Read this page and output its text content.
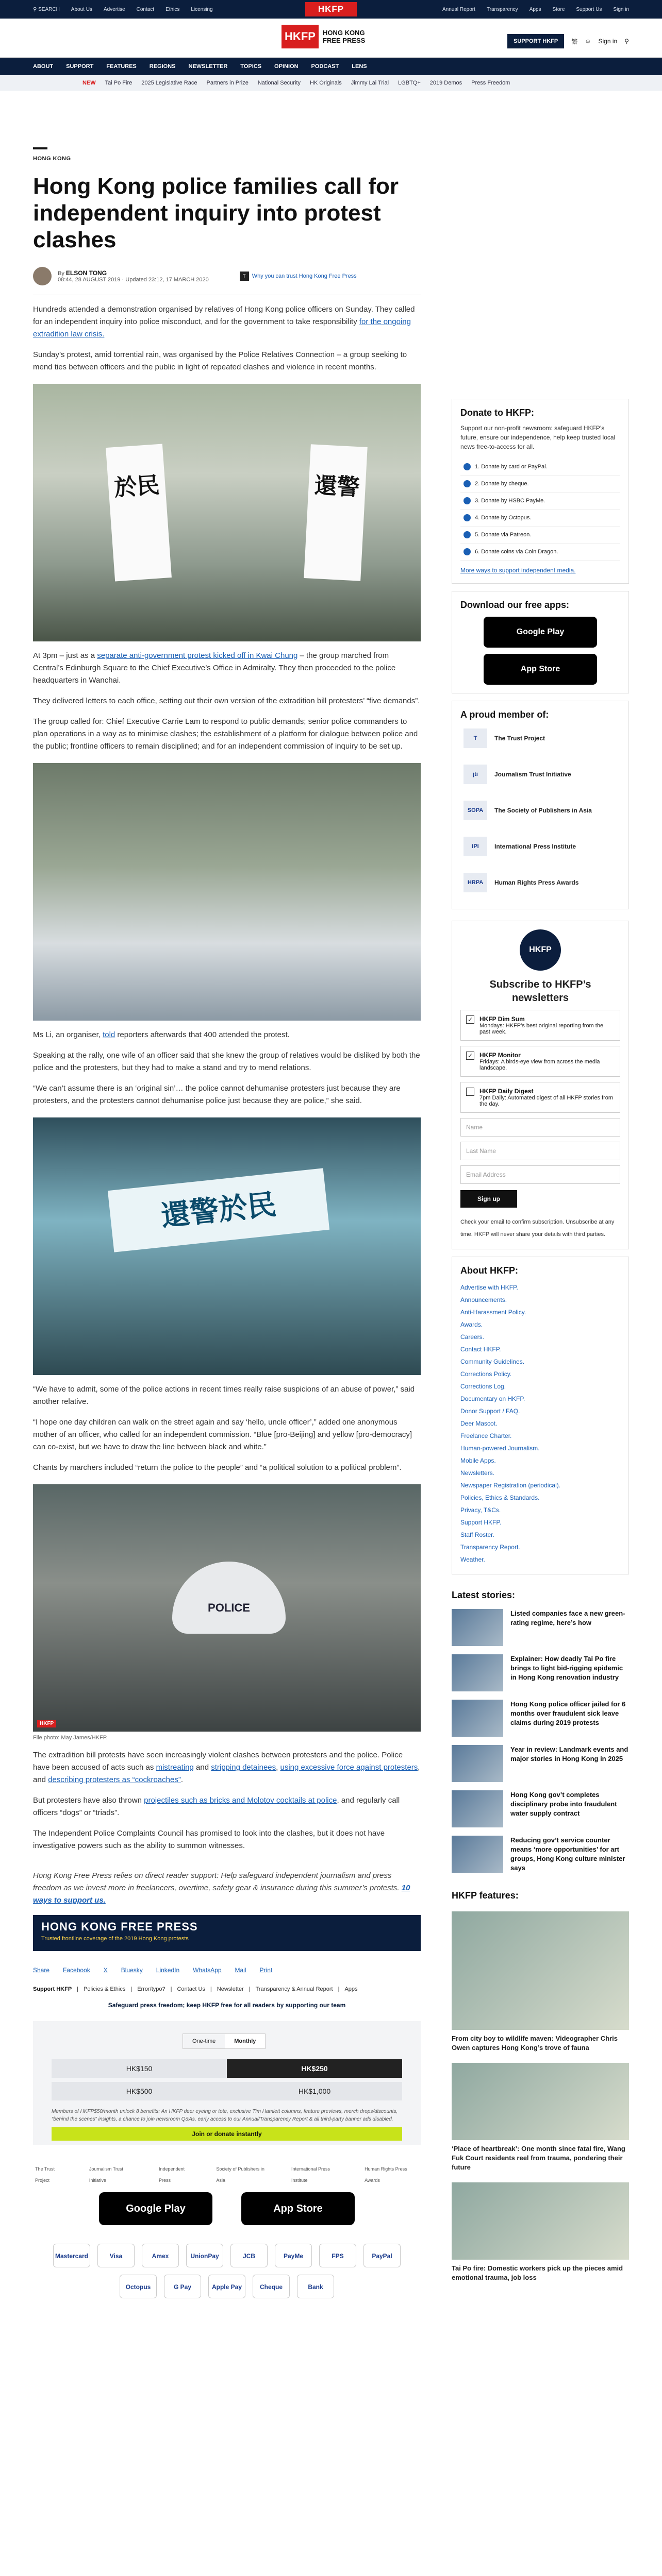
⚲ SEARCH About Us Advertise Contact Ethics Licensing	HKFP	Annual Report Transparency Apps Store Support Us Sign in
HKFP	HONG KONG
FREE PRESS	SUPPORT HKFP	繁 ☺ Sign in ⚲
ABOUT SUPPORT FEATURES REGIONS NEWSLETTER TOPICS OPINION PODCAST LENS
NEW Tai Po Fire 2025 Legislative Race Partners in Prize National Security HK Originals Jimmy Lai Trial LGBTQ+ 2019 Demos Press Freedom
HONG KONG
Hong Kong police families call for independent inquiry into protest clashes
By ELSON TONG
08:44, 28 AUGUST 2019 · Updated 23:12, 17 MARCH 2020
T	Why you can trust Hong Kong Free Press

Hundreds attended a demonstration organised by relatives of Hong Kong police officers on Sunday. They called for an independent inquiry into police misconduct, and for the government to take responsibility for the ongoing extradition law crisis.

Sunday’s protest, amid torrential rain, was organised by the Police Relatives Connection – a group seeking to mend ties between officers and the public in light of repeated clashes and violence in recent months.

於民	還警

At 3pm – just as a separate anti-government protest kicked off in Kwai Chung – the group marched from Central’s Edinburgh Square to the Chief Executive’s Office in Admiralty. They then proceeded to the police headquarters in Wanchai.

They delivered letters to each office, setting out their own version of the extradition bill protesters’ “five demands”.

The group called for: Chief Executive Carrie Lam to respond to public demands; senior police commanders to plan operations in a way as to minimise clashes; the establishment of a platform for dialogue between police and the public; frontline officers to remain disciplined; and for an independent commission of inquiry to be set up.

Ms Li, an organiser, told reporters afterwards that 400 attended the protest.

Speaking at the rally, one wife of an officer said that she knew the group of relatives would be disliked by both the police and the protesters, but they had to make a stand and try to mend relations.

“We can’t assume there is an ‘original sin’… the police cannot dehumanise protesters just because they are protesters, and the protesters cannot dehumanise police just because they are police,” she said.

還警於民

“We have to admit, some of the police actions in recent times really raise suspicions of an abuse of power,” said another relative.

“I hope one day children can walk on the street again and say ‘hello, uncle officer’,” added one anonymous mother of an officer, who called for an independent commission. “Blue [pro-Beijing] and yellow [pro-democracy] can co-exist, but we have to draw the line between black and white.”

Chants by marchers included “return the police to the people” and “a political solution to a political problem”.

POLICE
HKFP
File photo: May James/HKFP.

The extradition bill protests have seen increasingly violent clashes between protesters and the police. Police have been accused of acts such as mistreating and stripping detainees, using excessive force against protesters, and describing protesters as “cockroaches”.

But protesters have also thrown projectiles such as bricks and Molotov cocktails at police, and regularly call officers “dogs” or “triads”.

The Independent Police Complaints Council has promised to look into the clashes, but it does not have investigative powers such as the ability to summon witnesses.

Hong Kong Free Press relies on direct reader support: Help safeguard independent journalism and press freedom as we invest more in freelancers, overtime, safety gear & insurance during this summer’s protests. 10 ways to support us.

HONG KONG FREE PRESS
Trusted frontline coverage of the 2019 Hong Kong protests
Share Facebook X Bluesky LinkedIn WhatsApp Mail Print
Support HKFP | Policies & Ethics | Error/typo? | Contact Us | Newsletter | Transparency & Annual Report | Apps
Safeguard press freedom; keep HKFP free for all readers by supporting our team
One-time	Monthly
HK$150	HK$250
HK$500	HK$1,000
Members of HKFP$50/month unlock 8 benefits: An HKFP deer eyeing or tote, exclusive Tim Hamlett columns, feature previews, merch drops/discounts, “behind the scenes” insights, a chance to join newsroom Q&As, early access to our Annual/Transparency Report & all third-party banner ads disabled.
Join or donate instantly
The Trust Project
Journalism Trust Initiative
Independent Press
Society of Publishers in Asia
International Press Institute
Human Rights Press Awards
Google Play	App Store
Mastercard	Visa	Amex	UnionPay	JCB	PayMe	FPS	PayPal
Octopus	G Pay	Apple Pay	Cheque	Bank
Donate to HKFP:

Support our non-profit newsroom: safeguard HKFP’s future, ensure our independence, help keep trusted local news free-to-access for all.

1. Donate by card or PayPal.
2. Donate by cheque.
3. Donate by HSBC PayMe.
4. Donate by Octopus.
5. Donate via Patreon.
6. Donate coins via Coin Dragon.

More ways to support independent media.

Download our free apps:
Google Play
App Store
A proud member of:
T	The Trust Project
jti	Journalism Trust Initiative
SOPA	The Society of Publishers in Asia
IPI	International Press Institute
HRPA	Human Rights Press Awards
HKFP
Subscribe to HKFP’s newsletters
✓ HKFP Dim Sum
Mondays: HKFP’s best original reporting from the past week.
✓ HKFP Monitor
Fridays: A birds-eye view from across the media landscape.
HKFP Daily Digest
7pm Daily: Automated digest of all HKFP stories from the day.
Name
Last Name
Email Address
Sign up

Check your email to confirm subscription. Unsubscribe at any time. HKFP will never share your details with third parties.

About HKFP:
Advertise with HKFP.
Announcements.
Anti-Harassment Policy.
Awards.
Careers.
Contact HKFP.
Community Guidelines.
Corrections Policy.
Corrections Log.
Documentary on HKFP.
Donor Support / FAQ.
Deer Mascot.
Freelance Charter.
Human-powered Journalism.
Mobile Apps.
Newsletters.
Newspaper Registration (periodical).
Policies, Ethics & Standards.
Privacy, T&Cs.
Support HKFP.
Staff Roster.
Transparency Report.
Weather.
Latest stories:
Listed companies face a new green-rating regime, here’s how
Explainer: How deadly Tai Po fire brings to light bid-rigging epidemic in Hong Kong renovation industry
Hong Kong police officer jailed for 6 months over fraudulent sick leave claims during 2019 protests
Year in review: Landmark events and major stories in Hong Kong in 2025
Hong Kong gov’t completes disciplinary probe into fraudulent water supply contract
Reducing gov’t service counter means ‘more opportunities’ for art groups, Hong Kong culture minister says
HKFP features:
From city boy to wildlife maven: Videographer Chris Owen captures Hong Kong’s trove of fauna
‘Place of heartbreak’: One month since fatal fire, Wang Fuk Court residents reel from trauma, pondering their future
Tai Po fire: Domestic workers pick up the pieces amid emotional trauma, job loss
